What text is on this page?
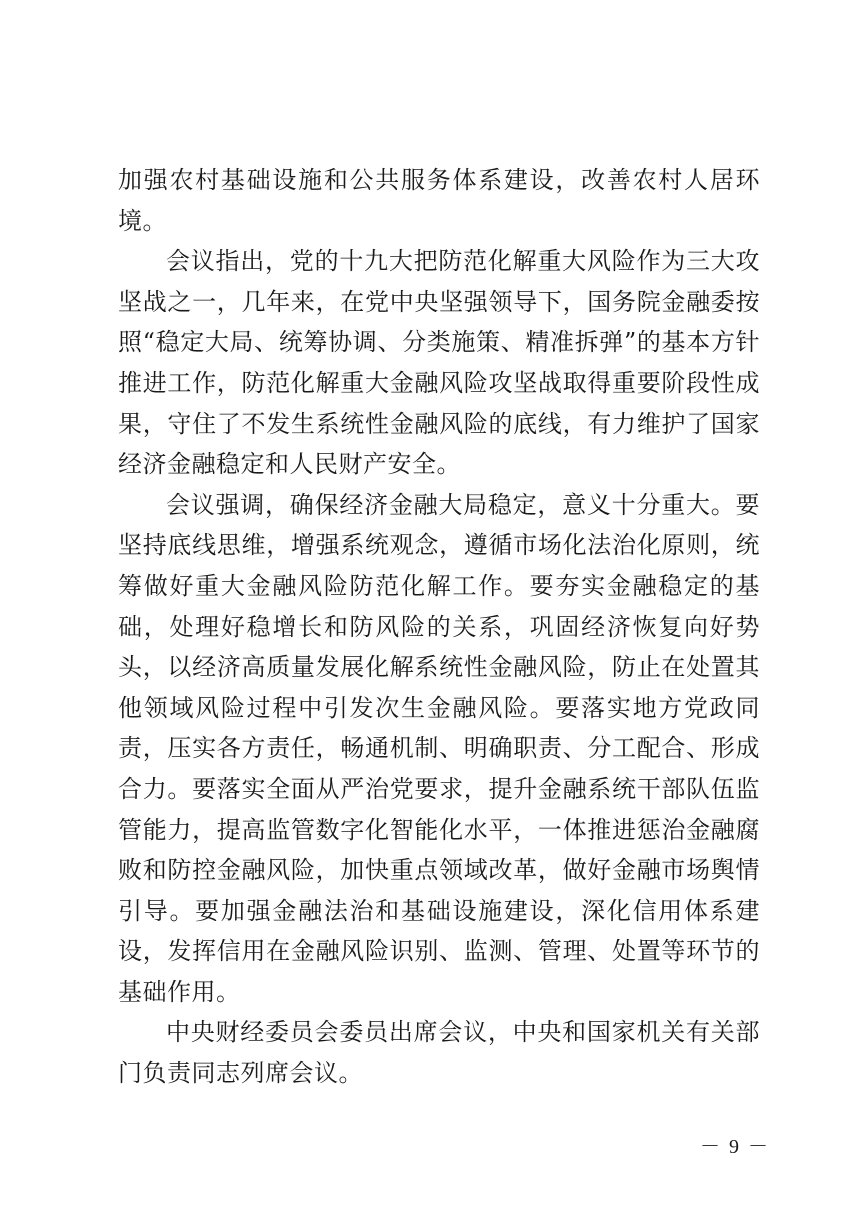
加强农村基础设施和公共服务体系建设，改善农村人居环境。

会议指出，党的十九大把防范化解重大风险作为三大攻坚战之一，几年来，在党中央坚强领导下，国务院金融委按照“稳定大局、统筹协调、分类施策、精准拆弹”的基本方针推进工作，防范化解重大金融风险攻坚战取得重要阶段性成果，守住了不发生系统性金融风险的底线，有力维护了国家经济金融稳定和人民财产安全。

会议强调，确保经济金融大局稳定，意义十分重大。要坚持底线思维，增强系统观念，遵循市场化法治化原则，统筹做好重大金融风险防范化解工作。要夯实金融稳定的基础，处理好稳增长和防风险的关系，巩固经济恢复向好势头，以经济高质量发展化解系统性金融风险，防止在处置其他领域风险过程中引发次生金融风险。要落实地方党政同责，压实各方责任，畅通机制、明确职责、分工配合、形成合力。要落实全面从严治党要求，提升金融系统干部队伍监管能力，提高监管数字化智能化水平，一体推进惩治金融腐败和防控金融风险，加快重点领域改革，做好金融市场舆情引导。要加强金融法治和基础设施建设，深化信用体系建设，发挥信用在金融风险识别、监测、管理、处置等环节的基础作用。

中央财经委员会委员出席会议，中央和国家机关有关部门负责同志列席会议。

－ 9 －
